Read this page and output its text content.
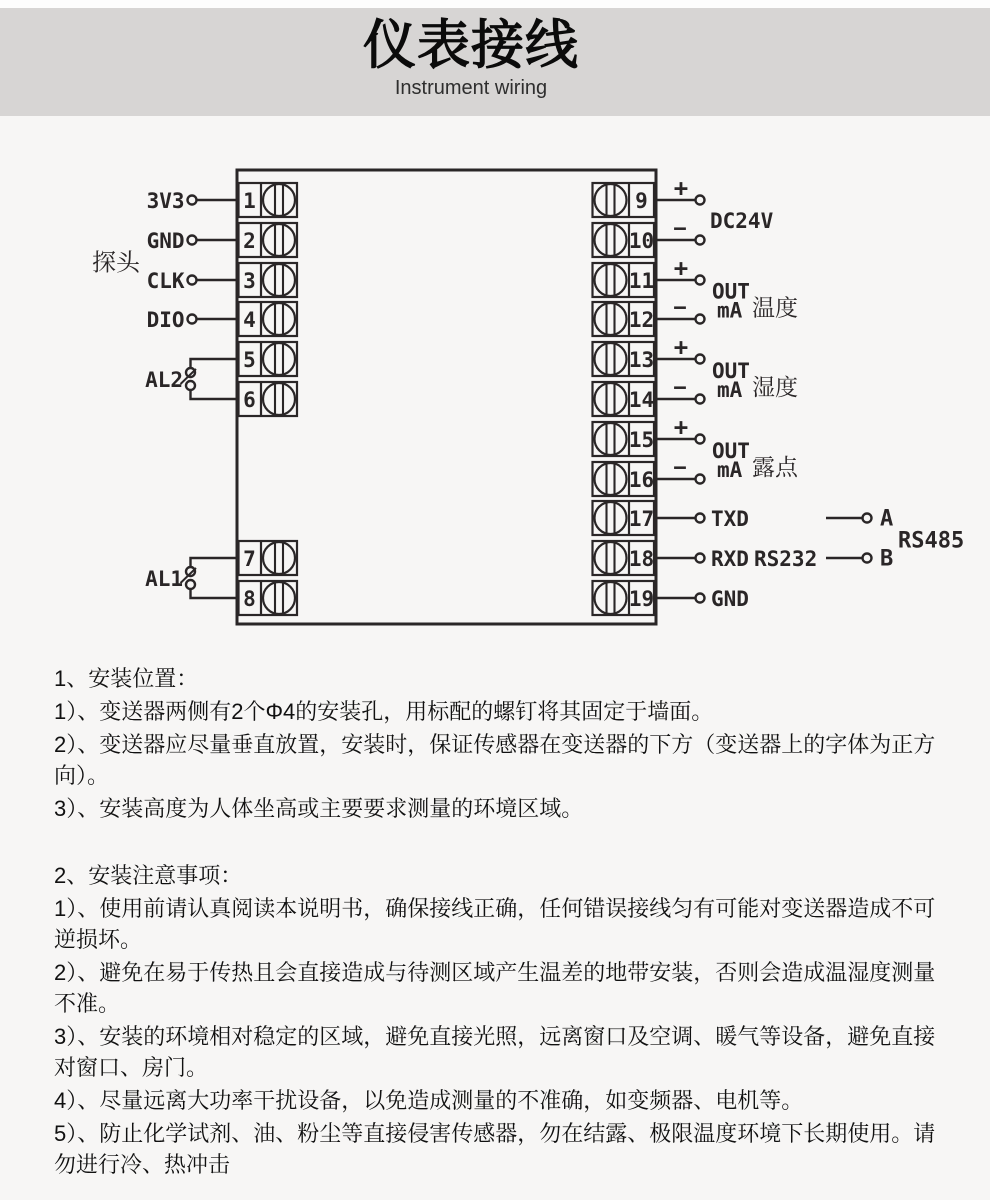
仪表接线
Instrument wiring
3V3	1
GND	2
CLK	3
DIO	4
探头
AL2
5
6
AL1
7
8
9
10
11
12
13
14
15
16
17
18
19
+
− DC24V
+
−
OUT
mA 温度
+
−
OUT
mA 湿度
+
−
OUT
mA 露点
TXD
RXD RS232
GND
A
B
RS485

1、安装位置：

1）、变送器两侧有2个Φ4的安装孔，用标配的螺钉将其固定于墙面。

2）、变送器应尽量垂直放置，安装时，保证传感器在变送器的下方（变送器上的字体为正方向）。

3）、安装高度为人体坐高或主要要求测量的环境区域。

2、安装注意事项：

1）、使用前请认真阅读本说明书，确保接线正确，任何错误接线匀有可能对变送器造成不可逆损坏。

2）、避免在易于传热且会直接造成与待测区域产生温差的地带安装，否则会造成温湿度测量不准。

3）、安装的环境相对稳定的区域，避免直接光照，远离窗口及空调、暖气等设备，避免直接对窗口、房门。

4）、尽量远离大功率干扰设备，以免造成测量的不准确，如变频器、电机等。

5）、防止化学试剂、油、粉尘等直接侵害传感器，勿在结露、极限温度环境下长期使用。请勿进行冷、热冲击
